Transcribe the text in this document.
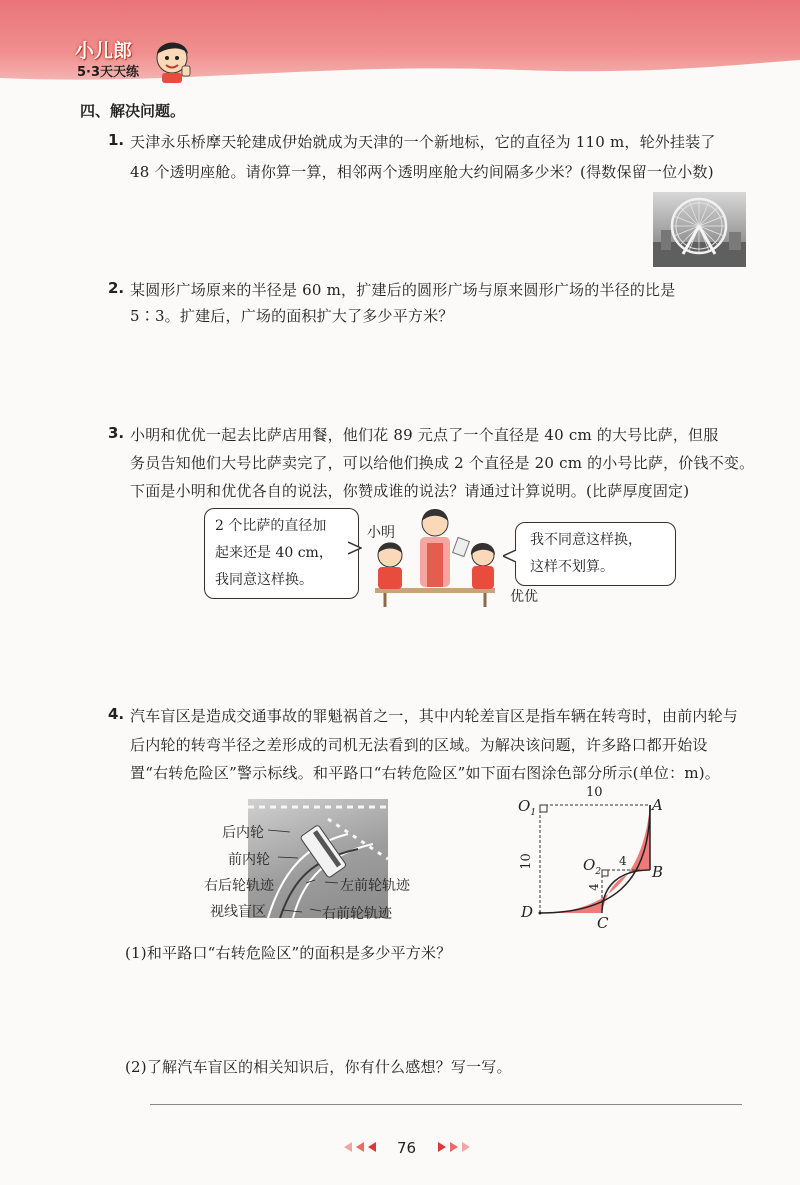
小儿郎
5·3天天练
四、解决问题。
1. 天津永乐桥摩天轮建成伊始就成为天津的一个新地标，它的直径为 110 m，轮外挂装了
48 个透明座舱。请你算一算，相邻两个透明座舱大约间隔多少米？(得数保留一位小数)
2. 某圆形广场原来的半径是 60 m，扩建后的圆形广场与原来圆形广场的半径的比是
5∶3。扩建后，广场的面积扩大了多少平方米？
3. 小明和优优一起去比萨店用餐，他们花 89 元点了一个直径是 40 cm 的大号比萨，但服
务员告知他们大号比萨卖完了，可以给他们换成 2 个直径是 20 cm 的小号比萨，价钱不变。
下面是小明和优优各自的说法，你赞成谁的说法？请通过计算说明。(比萨厚度固定)
2 个比萨的直径加
起来还是 40 cm，
我同意这样换。
我不同意这样换，
这样不划算。
小明
优优
4. 汽车盲区是造成交通事故的罪魁祸首之一，其中内轮差盲区是指车辆在转弯时，由前内轮与
后内轮的转弯半径之差形成的司机无法看到的区域。为解决该问题，许多路口都开始设
置“右转危险区”警示标线。和平路口“右转危险区”如下面右图涂色部分所示(单位：m)。
后内轮
前内轮
右后轮轨迹	左前轮轨迹
视线盲区	右前轮轨迹
$O_1$
10
A
10	$O_2$
4
B
4
D
C
(1)和平路口“右转危险区”的面积是多少平方米？
(2)了解汽车盲区的相关知识后，你有什么感想？写一写。
76
